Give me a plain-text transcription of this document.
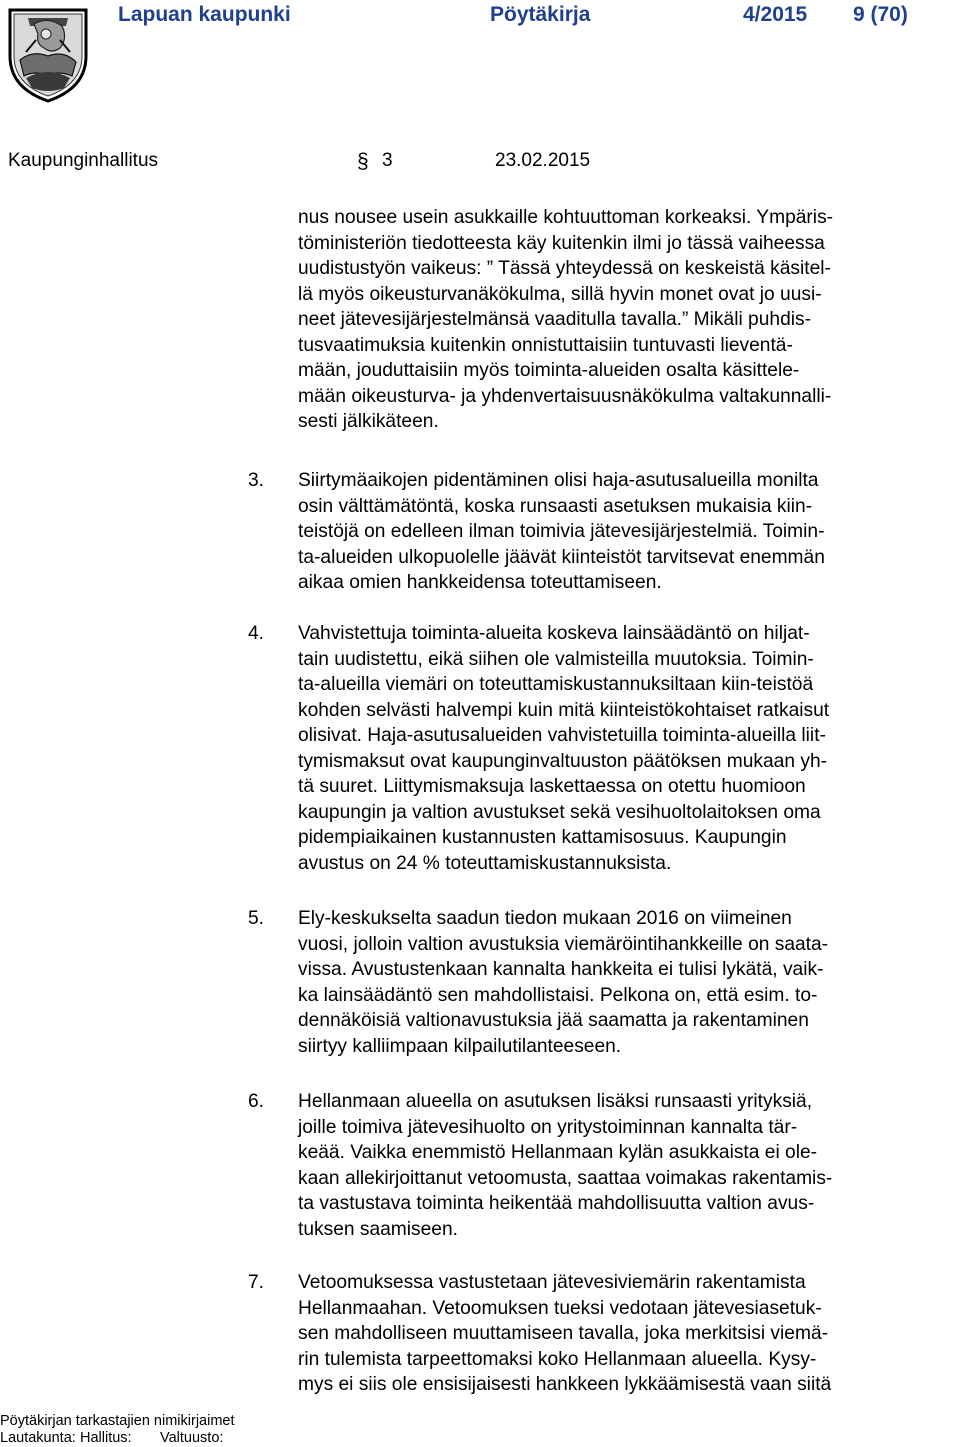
Lapuan kaupunki	Pöytäkirja	4/2015 9 (70)
Kaupunginhallitus	§ 3	23.02.2015
nus nousee usein asukkaille kohtuuttoman korkeaksi. Ympäris-
töministeriön tiedotteesta käy kuitenkin ilmi jo tässä vaiheessa
uudistustyön vaikeus: ” Tässä yhteydessä on keskeistä käsitel-
lä myös oikeusturvanäkökulma, sillä hyvin monet ovat jo uusi-
neet jätevesijärjestelmänsä vaaditulla tavalla.” Mikäli puhdis-
tusvaatimuksia kuitenkin onnistuttaisiin tuntuvasti lieventä-
mään, jouduttaisiin myös toiminta-alueiden osalta käsittele-
mään oikeusturva- ja yhdenvertaisuusnäkökulma valtakunnalli-
sesti jälkikäteen.
3.	Siirtymäaikojen pidentäminen olisi haja-asutusalueilla monilta
osin välttämätöntä, koska runsaasti asetuksen mukaisia kiin-
teistöjä on edelleen ilman toimivia jätevesijärjestelmiä. Toimin-
ta-alueiden ulkopuolelle jäävät kiinteistöt tarvitsevat enemmän
aikaa omien hankkeidensa toteuttamiseen.
4.	Vahvistettuja toiminta-alueita koskeva lainsäädäntö on hiljat-
tain uudistettu, eikä siihen ole valmisteilla muutoksia. Toimin-
ta-alueilla viemäri on toteuttamiskustannuksiltaan kiin-teistöä
kohden selvästi halvempi kuin mitä kiinteistökohtaiset ratkaisut
olisivat. Haja-asutusalueiden vahvistetuilla toiminta-alueilla liit-
tymismaksut ovat kaupunginvaltuuston päätöksen mukaan yh-
tä suuret. Liittymismaksuja laskettaessa on otettu huomioon
kaupungin ja valtion avustukset sekä vesihuoltolaitoksen oma
pidempiaikainen kustannusten kattamisosuus. Kaupungin
avustus on 24 % toteuttamiskustannuksista.
5.	Ely-keskukselta saadun tiedon mukaan 2016 on viimeinen
vuosi, jolloin valtion avustuksia viemäröintihankkeille on saata-
vissa. Avustustenkaan kannalta hankkeita ei tulisi lykätä, vaik-
ka lainsäädäntö sen mahdollistaisi. Pelkona on, että esim. to-
dennäköisiä valtionavustuksia jää saamatta ja rakentaminen
siirtyy kalliimpaan kilpailutilanteeseen.
6.	Hellanmaan alueella on asutuksen lisäksi runsaasti yrityksiä,
joille toimiva jätevesihuolto on yritystoiminnan kannalta tär-
keää. Vaikka enemmistö Hellanmaan kylän asukkaista ei ole-
kaan allekirjoittanut vetoomusta, saattaa voimakas rakentamis-
ta vastustava toiminta heikentää mahdollisuutta valtion avus-
tuksen saamiseen.
7.	Vetoomuksessa vastustetaan jätevesiviemärin rakentamista
Hellanmaahan. Vetoomuksen tueksi vedotaan jätevesiasetuk-
sen mahdolliseen muuttamiseen tavalla, joka merkitsisi viemä-
rin tulemista tarpeettomaksi koko Hellanmaan alueella. Kysy-
mys ei siis ole ensisijaisesti hankkeen lykkäämisestä vaan siitä
Pöytäkirjan tarkastajien nimikirjaimet
Lautakunta: Hallitus: Valtuusto:
